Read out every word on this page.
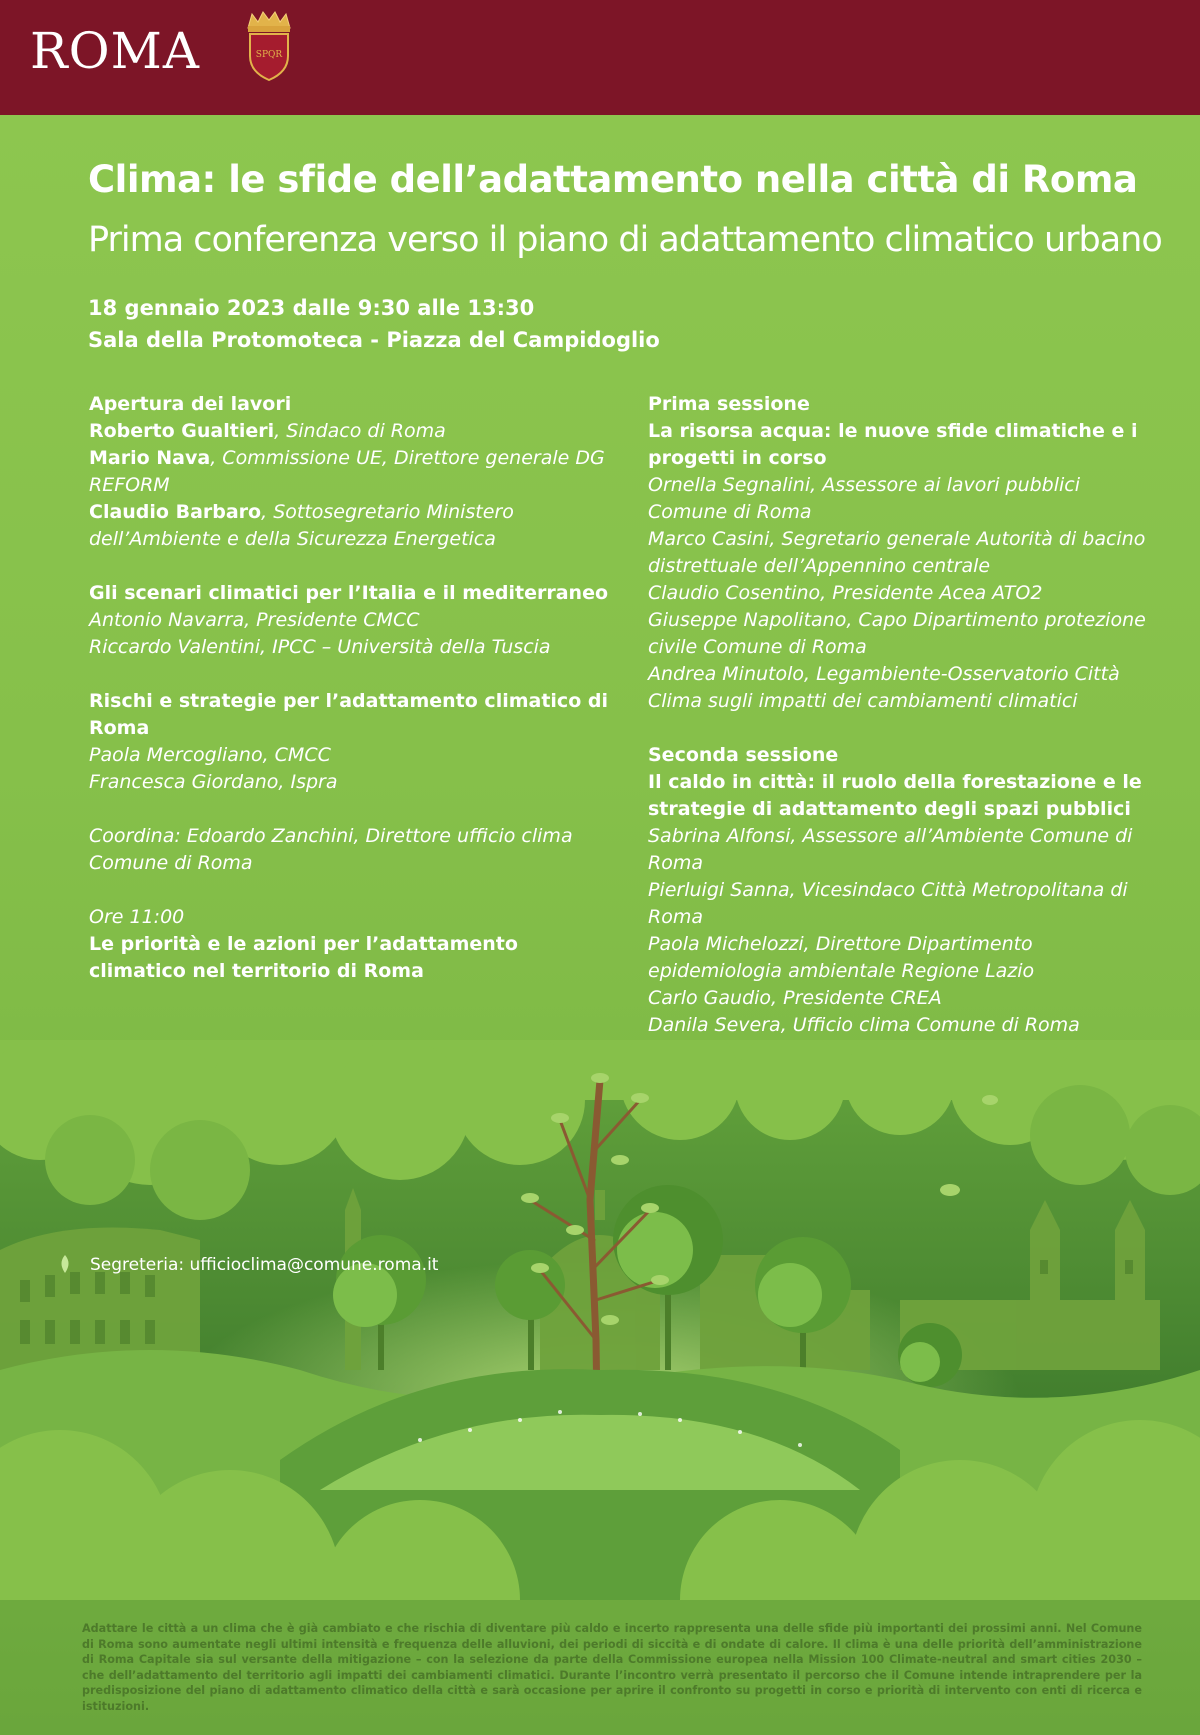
ROMA	SPQR
Clima: le sfide dell’adattamento nella città di Roma
Prima conferenza verso il piano di adattamento climatico urbano
18 gennaio 2023 dalle 9:30 alle 13:30
Sala della Protomoteca - Piazza del Campidoglio

Apertura dei lavori

Roberto Gualtieri, Sindaco di Roma

Mario Nava, Commissione UE, Direttore generale DG REFORM

Claudio Barbaro, Sottosegretario Ministero dell’Ambiente e della Sicurezza Energetica

Gli scenari climatici per l’Italia e il mediterraneo

Antonio Navarra, Presidente CMCC

Riccardo Valentini, IPCC – Università della Tuscia

Rischi e strategie per l’adattamento climatico di Roma

Paola Mercogliano, CMCC

Francesca Giordano, Ispra

Coordina: Edoardo Zanchini, Direttore ufficio clima Comune di Roma

Ore 11:00

Le priorità e le azioni per l’adattamento climatico nel territorio di Roma

Prima sessione

La risorsa acqua: le nuove sfide climatiche e i progetti in corso

Ornella Segnalini, Assessore ai lavori pubblici Comune di Roma

Marco Casini, Segretario generale Autorità di bacino distrettuale dell’Appennino centrale

Claudio Cosentino, Presidente Acea ATO2

Giuseppe Napolitano, Capo Dipartimento protezione civile Comune di Roma

Andrea Minutolo, Legambiente-Osservatorio Città Clima sugli impatti dei cambiamenti climatici

Seconda sessione

Il caldo in città: il ruolo della forestazione e le strategie di adattamento degli spazi pubblici

Sabrina Alfonsi, Assessore all’Ambiente Comune di Roma

Pierluigi Sanna, Vicesindaco Città Metropolitana di Roma

Paola Michelozzi, Direttore Dipartimento epidemiologia ambientale Regione Lazio

Carlo Gaudio, Presidente CREA

Danila Severa, Ufficio clima Comune di Roma

Segreteria: ufficioclima@comune.roma.it
Adattare le città a un clima che è già cambiato e che rischia di diventare più caldo e incerto rappresenta una delle sfide più importanti dei prossimi anni. Nel Comune di Roma sono aumentate negli ultimi intensità e frequenza delle alluvioni, dei periodi di siccità e di ondate di calore. Il clima è una delle priorità dell’amministrazione di Roma Capitale sia sul versante della mitigazione – con la selezione da parte della Commissione europea nella Mission 100 Climate-neutral and smart cities 2030 – che dell’adattamento del territorio agli impatti dei cambiamenti climatici. Durante l’incontro verrà presentato il percorso che il Comune intende intraprendere per la predisposizione del piano di adattamento climatico della città e sarà occasione per aprire il confronto su progetti in corso e priorità di intervento con enti di ricerca e istituzioni.
